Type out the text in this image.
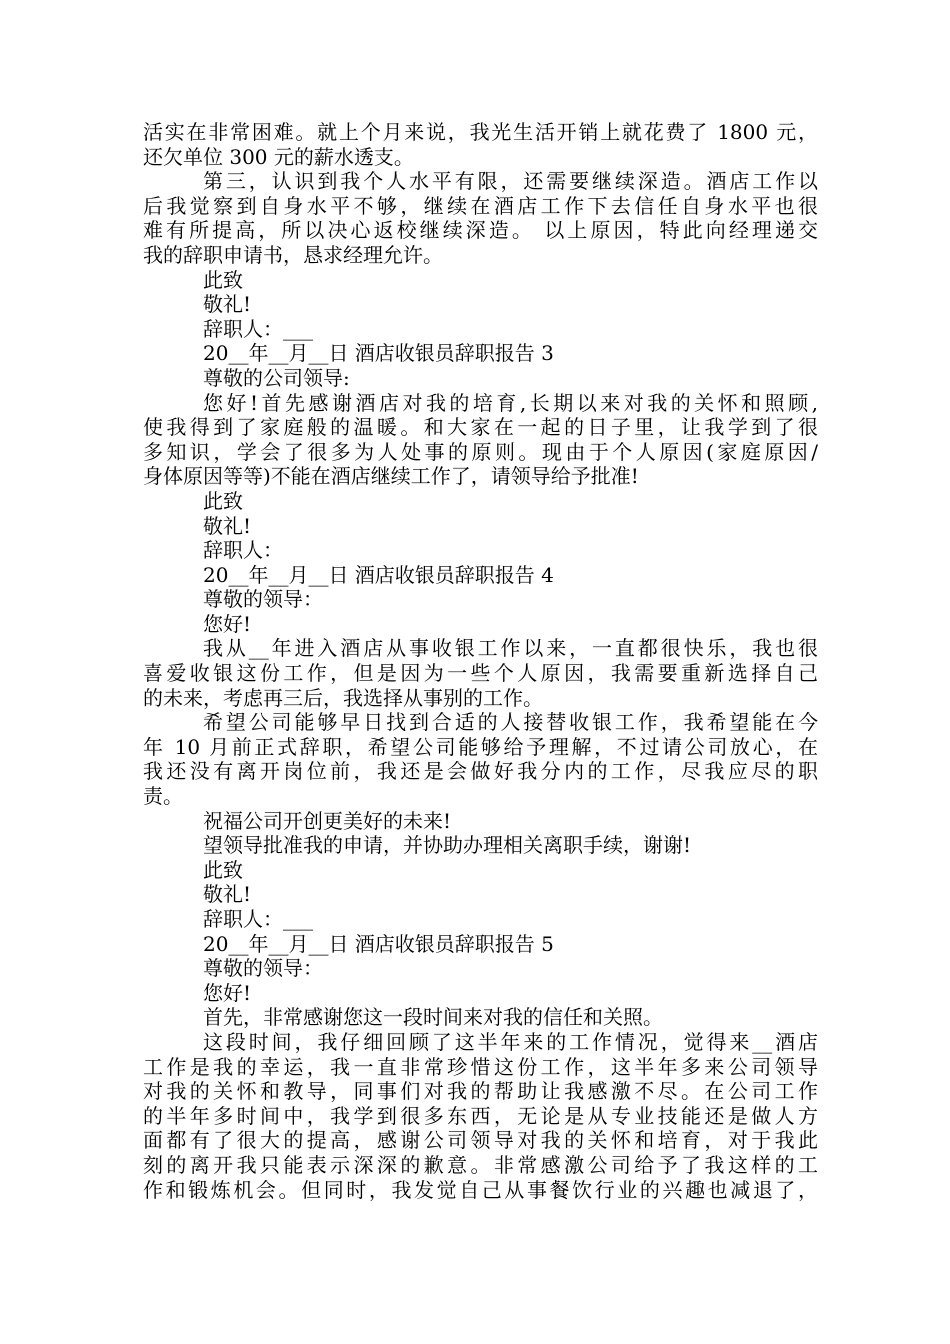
活实在非常困难。就上个月来说，我光生活开销上就花费了 1800 元，
还欠单位 300 元的薪水透支。
第三，认识到我个人水平有限，还需要继续深造。酒店工作以
后我觉察到自身水平不够，继续在酒店工作下去信任自身水平也很
难有所提高，所以决心返校继续深造。 以上原因，特此向经理递交
我的辞职申请书，恳求经理允许。
此致
敬礼!
辞职人：___
20__年__月__日 酒店收银员辞职报告 3
尊敬的公司领导:
您好!首先感谢酒店对我的培育,长期以来对我的关怀和照顾,
使我得到了家庭般的温暖。和大家在一起的日子里，让我学到了很
多知识，学会了很多为人处事的原则。现由于个人原因(家庭原因/
身体原因等等)不能在酒店继续工作了，请领导给予批准!
此致
敬礼!
辞职人：
20__年__月__日 酒店收银员辞职报告 4
尊敬的领导：
您好!
我从__年进入酒店从事收银工作以来，一直都很快乐，我也很
喜爱收银这份工作，但是因为一些个人原因，我需要重新选择自己
的未来，考虑再三后，我选择从事别的工作。
希望公司能够早日找到合适的人接替收银工作，我希望能在今
年 10 月前正式辞职，希望公司能够给予理解，不过请公司放心，在
我还没有离开岗位前，我还是会做好我分内的工作，尽我应尽的职
责。
祝福公司开创更美好的未来!
望领导批准我的申请，并协助办理相关离职手续，谢谢!
此致
敬礼!
辞职人：___
20__年__月__日 酒店收银员辞职报告 5
尊敬的领导：
您好!
首先，非常感谢您这一段时间来对我的信任和关照。
这段时间，我仔细回顾了这半年来的工作情况，觉得来__酒店
工作是我的幸运，我一直非常珍惜这份工作，这半年多来公司领导
对我的关怀和教导，同事们对我的帮助让我感激不尽。在公司工作
的半年多时间中，我学到很多东西，无论是从专业技能还是做人方
面都有了很大的提高，感谢公司领导对我的关怀和培育，对于我此
刻的离开我只能表示深深的歉意。非常感激公司给予了我这样的工
作和锻炼机会。但同时，我发觉自己从事餐饮行业的兴趣也减退了，
